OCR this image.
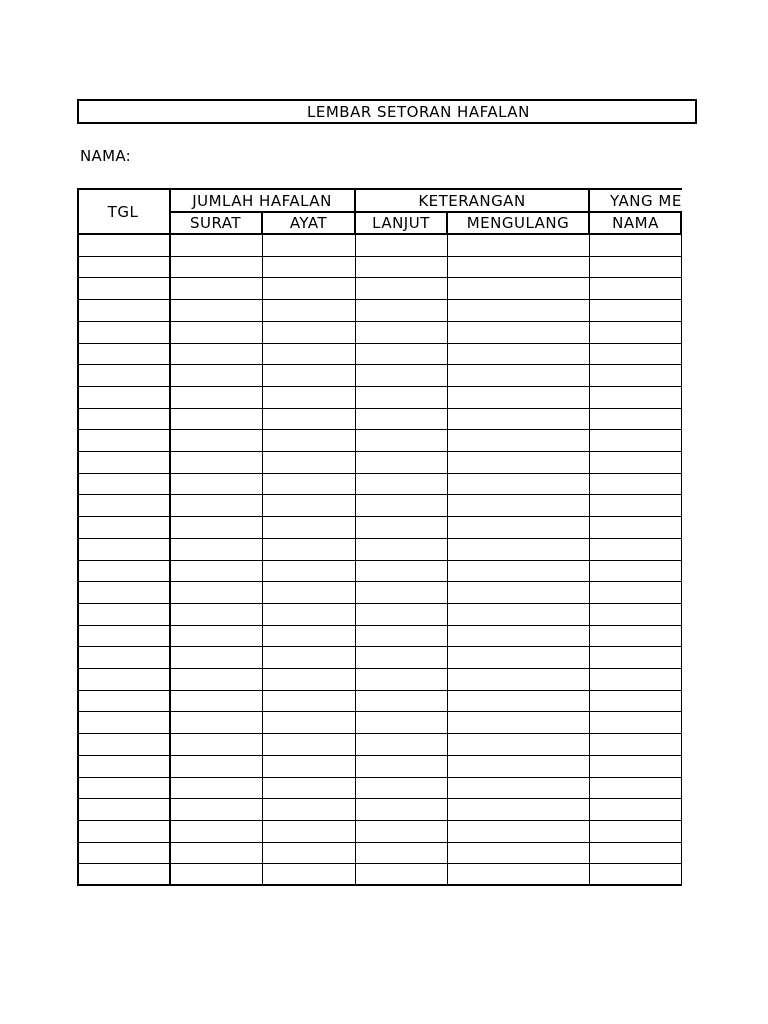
LEMBAR SETORAN HAFALAN
NAMA:
TGL
JUMLAH HAFALAN	KETERANGAN	YANG ME
SURAT	AYAT	LANJUT	MENGULANG	NAMA
